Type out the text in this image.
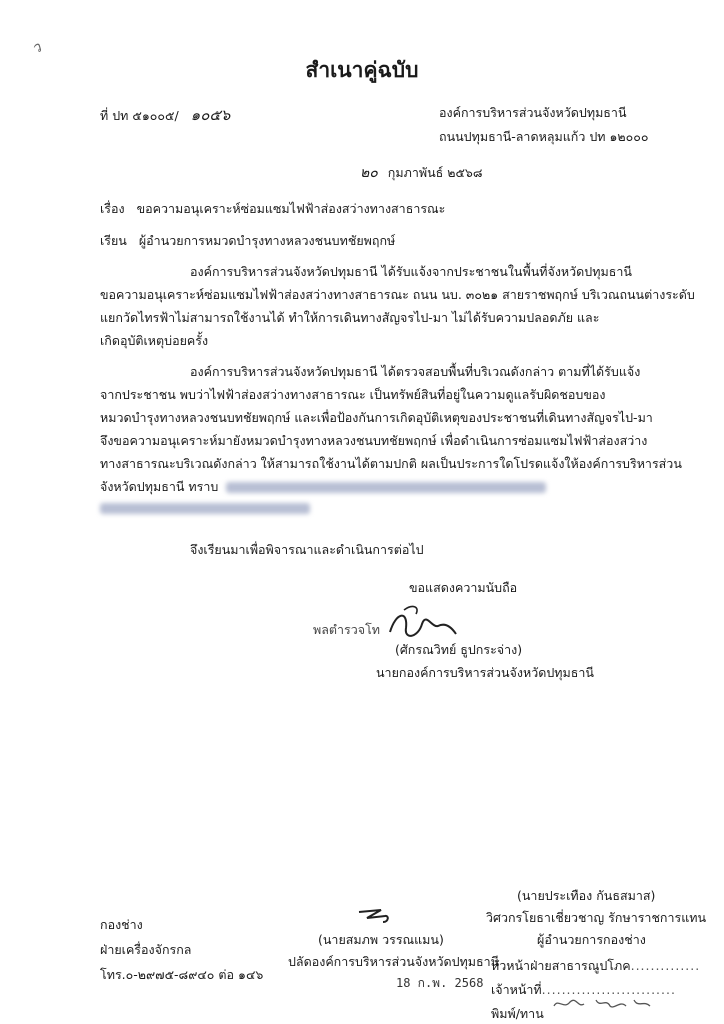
ว
สำเนาคู่ฉบับ
ที่ ปท ๕๑๐๐๕/ ๑๐๕๖	องค์การบริหารส่วนจังหวัดปทุมธานี
ถนนปทุมธานี-ลาดหลุมแก้ว ปท ๑๒๐๐๐
๒๐ กุมภาพันธ์ ๒๕๖๘
เรื่อง ขอความอนุเคราะห์ซ่อมแซมไฟฟ้าส่องสว่างทางสาธารณะ
เรียน ผู้อำนวยการหมวดบำรุงทางหลวงชนบทชัยพฤกษ์
องค์การบริหารส่วนจังหวัดปทุมธานี ได้รับแจ้งจากประชาชนในพื้นที่จังหวัดปทุมธานี
ขอความอนุเคราะห์ซ่อมแซมไฟฟ้าส่องสว่างทางสาธารณะ ถนน นบ. ๓๐๒๑ สายราชพฤกษ์ บริเวณถนนต่างระดับ
แยกวัดไทรฟ้าไม่สามารถใช้งานได้ ทำให้การเดินทางสัญจรไป-มา ไม่ได้รับความปลอดภัย และ
เกิดอุบัติเหตุบ่อยครั้ง
องค์การบริหารส่วนจังหวัดปทุมธานี ได้ตรวจสอบพื้นที่บริเวณดังกล่าว ตามที่ได้รับแจ้ง
จากประชาชน พบว่าไฟฟ้าส่องสว่างทางสาธารณะ เป็นทรัพย์สินที่อยู่ในความดูแลรับผิดชอบของ
หมวดบำรุงทางหลวงชนบทชัยพฤกษ์ และเพื่อป้องกันการเกิดอุบัติเหตุของประชาชนที่เดินทางสัญจรไป-มา
จึงขอความอนุเคราะห์มายังหมวดบำรุงทางหลวงชนบทชัยพฤกษ์ เพื่อดำเนินการซ่อมแซมไฟฟ้าส่องสว่าง
ทางสาธารณะบริเวณดังกล่าว ให้สามารถใช้งานได้ตามปกติ ผลเป็นประการใดโปรดแจ้งให้องค์การบริหารส่วน
จังหวัดปทุมธานี ทราบ
จึงเรียนมาเพื่อพิจารณาและดำเนินการต่อไป
ขอแสดงความนับถือ
พลตำรวจโท
(ศักรณวิทย์ ธูปกระจ่าง)
นายกองค์การบริหารส่วนจังหวัดปทุมธานี
กองช่าง
ฝ่ายเครื่องจักรกล
โทร.๐-๒๙๗๕-๘๙๔๐ ต่อ ๑๔๖
(นายสมภพ วรรณแมน)
ปลัดองค์การบริหารส่วนจังหวัดปทุมธานี
18 ก.พ. 2568
(นายประเทือง กันธสมาส)
วิศวกรโยธาเชี่ยวชาญ รักษาราชการแทน
ผู้อำนวยการกองช่าง
หัวหน้าฝ่ายสาธารณูปโภค..............
เจ้าหน้าที่...........................
พิมพ์/ทาน
